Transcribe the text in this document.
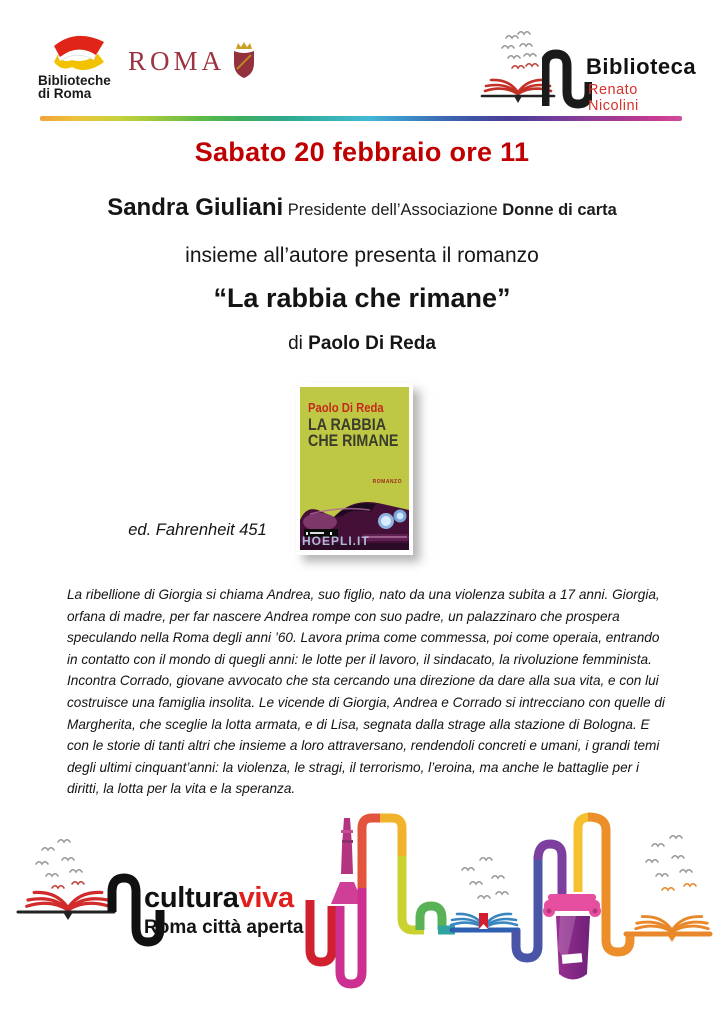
Biblioteche
di Roma
ROMA	Biblioteca
Renato Nicolini
Sabato 20 febbraio ore 11
Sandra Giuliani Presidente dell’Associazione Donne di carta
insieme all’autore presenta il romanzo
“La rabbia che rimane”
di Paolo Di Reda
Paolo Di Reda
LA RABBIA
CHE RIMANE
ROMANZO
HOEPLI.IT
ed. Fahrenheit 451
La ribellione di Giorgia si chiama Andrea, suo figlio, nato da una violenza subita a 17 anni. Giorgia, orfana di madre, per far nascere Andrea rompe con suo padre, un palazzinaro che prospera speculando nella Roma degli anni ’60. Lavora prima come commessa, poi come operaia, entrando in contatto con il mondo di quegli anni: le lotte per il lavoro, il sindacato, la rivoluzione femminista. Incontra Corrado, giovane avvocato che sta cercando una direzione da dare alla sua vita, e con lui costruisce una famiglia insolita. Le vicende di Giorgia, Andrea e Corrado si intrecciano con quelle di Margherita, che sceglie la lotta armata, e di Lisa, segnata dalla strage alla stazione di Bologna. E con le storie di tanti altri che insieme a loro attraversano, rendendoli concreti e umani, i grandi temi degli ultimi cinquant’anni: la violenza, le stragi, il terrorismo, l’eroina, ma anche le battaglie per i diritti, la lotta per la vita e la speranza.
culturaviva
Roma città aperta
